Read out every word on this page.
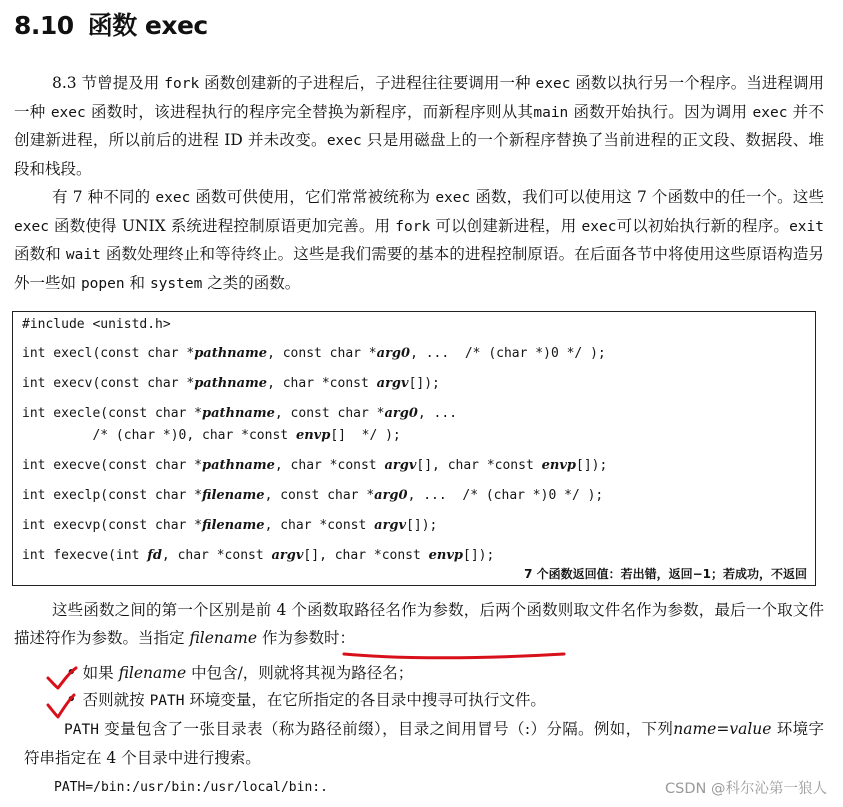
8.10 函数 exec
8.3 节曾提及用 fork 函数创建新的子进程后，子进程往往要调用一种 exec 函数以执行另一个程序。当进程调用一种 exec 函数时，该进程执行的程序完全替换为新程序，而新程序则从其main 函数开始执行。因为调用 exec 并不创建新进程，所以前后的进程 ID 并未改变。exec 只是用磁盘上的一个新程序替换了当前进程的正文段、数据段、堆段和栈段。
有 7 种不同的 exec 函数可供使用，它们常常被统称为 exec 函数，我们可以使用这 7 个函数中的任一个。这些 exec 函数使得 UNIX 系统进程控制原语更加完善。用 fork 可以创建新进程，用 exec可以初始执行新的程序。exit 函数和 wait 函数处理终止和等待终止。这些是我们需要的基本的进程控制原语。在后面各节中将使用这些原语构造另外一些如 popen 和 system 之类的函数。
#include <unistd.h>
int execl(const char *pathname, const char *arg0, ...  /* (char *)0 */ );
int execv(const char *pathname, char *const argv[]);
int execle(const char *pathname, const char *arg0, ...
/* (char *)0, char *const envp[]  */ );
int execve(const char *pathname, char *const argv[], char *const envp[]);
int execlp(const char *filename, const char *arg0, ...  /* (char *)0 */ );
int execvp(const char *filename, char *const argv[]);
int fexecve(int fd, char *const argv[], char *const envp[]);
7 个函数返回值：若出错，返回−1；若成功，不返回
这些函数之间的第一个区别是前 4 个函数取路径名作为参数，后两个函数则取文件名作为参数，最后一个取文件描述符作为参数。当指定 filename 作为参数时：
• 如果 filename 中包含/，则就将其视为路径名；
• 否则就按 PATH 环境变量，在它所指定的各目录中搜寻可执行文件。
PATH 变量包含了一张目录表（称为路径前缀），目录之间用冒号（:）分隔。例如，下列name=value 环境字符串指定在 4 个目录中进行搜索。
PATH=/bin:/usr/bin:/usr/local/bin:.	CSDN @科尔沁第一狼人
